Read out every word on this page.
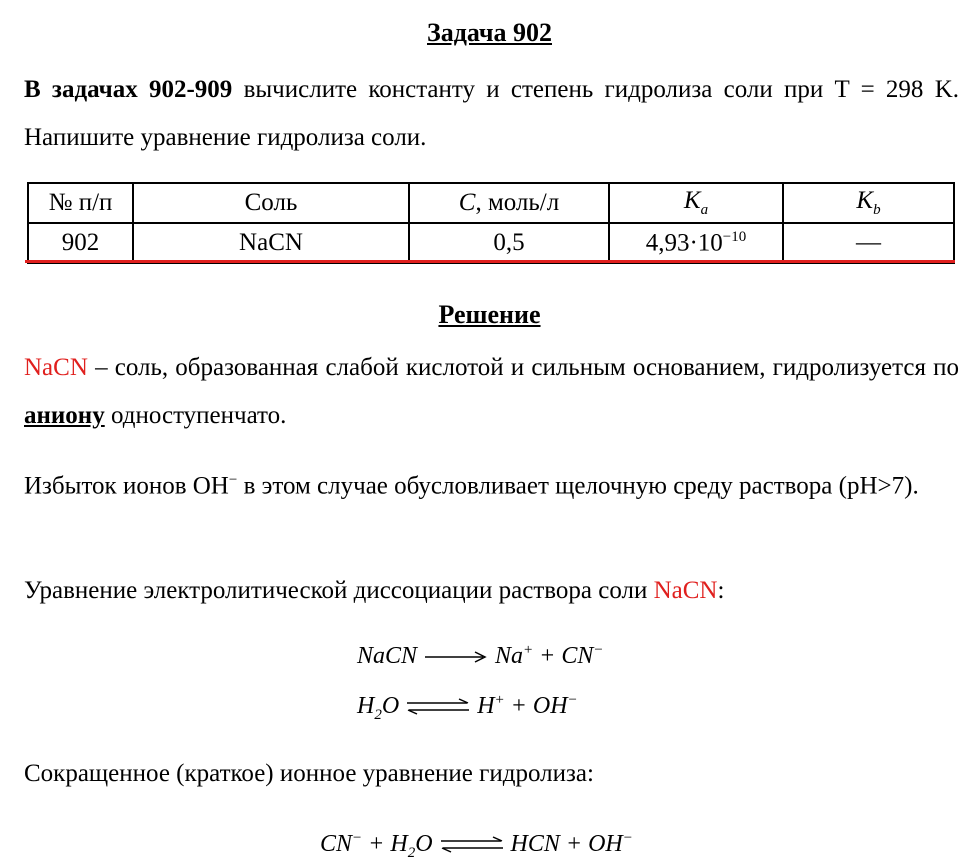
Задача 902
В задачах 902-909 вычислите константу и степень гидролиза соли при T = 298 K. Напишите уравнение гидролиза соли.
№ п/п	Соль	C, моль/л	$K_a$	$K_b$
902	NaCN	0,5	$4,93\cdot 10^{-10}$	—
Решение
NaCN – соль, образованная слабой кислотой и сильным основанием, гидролизуется по аниону одноступенчато.
Избыток ионов OH− в этом случае обусловливает щелочную среду раствора (pH>7).
Уравнение электролитической диссоциации раствора соли NaCN:
NaCN	Na+ + CN−
$H_2O$ ⇌ H+ + OH−
Сокращенное (краткое) ионное уравнение гидролиза:
$CN^- + H_2O$ ⇌ HCN + OH−
